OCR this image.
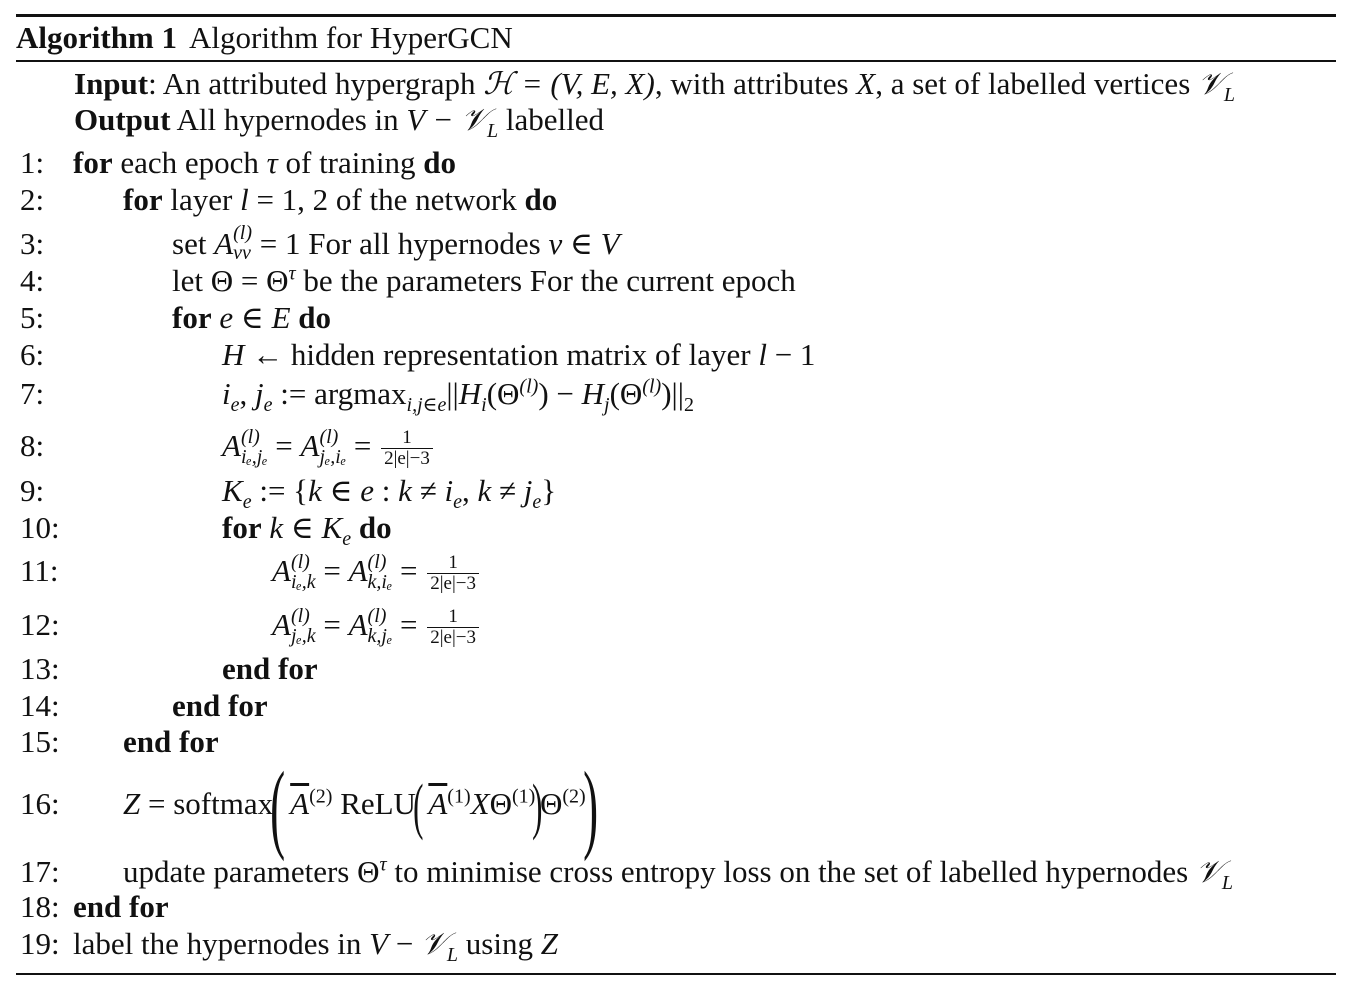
Algorithm 1 Algorithm for HyperGCN
Input: An attributed hypergraph ℋ = (V, E, X), with attributes X, a set of labelled vertices 𝒱$_L$
Output All hypernodes in V − 𝒱$_L$ labelled
1: for each epoch τ of training do
2:	for layer l = 1, 2 of the network do
3:	set A (l)
vv = 1 For all hypernodes v ∈ V
4:	let $\Theta = \Theta^\tau$ be the parameters For the current epoch
5:	for e ∈ E do
6:	H ← hidden representation matrix of layer l − 1
7:	$i_e$, $j_e$ := $argmax_{i,j\in e}||H_i(\Theta^{(l)}) - H_j(\Theta^{(l)})||_2$
8:	A (l)
iₑ,jₑ = A (l)
$j_e,i_e = \frac{1}{2|e|-3}$
9:	$K_e$ := {k ∈ e : $k \ne i_e$, $k \ne j_e$}
10:	for k ∈ $K_e$ do
11:	A (l)
iₑ,k = A (l)
$k,i_e = \frac{1}{2|e|-3}$
12:	A (l)
jₑ,k = A (l)
$k,j_e = \frac{1}{2|e|-3}$
13:	end for
14:	end for
15: end for
16: Z = softmax( $\overline{A}^{(2)}$ ReLU( $\overline{A}^{(1)}X\Theta^{(1)})\Theta^{(2)}$)
17: update parameters $\Theta^\tau$ to minimise cross entropy loss on the set of labelled hypernodes 𝒱$_L$
18: end for
19: label the hypernodes in V − 𝒱$_L$ using Z
